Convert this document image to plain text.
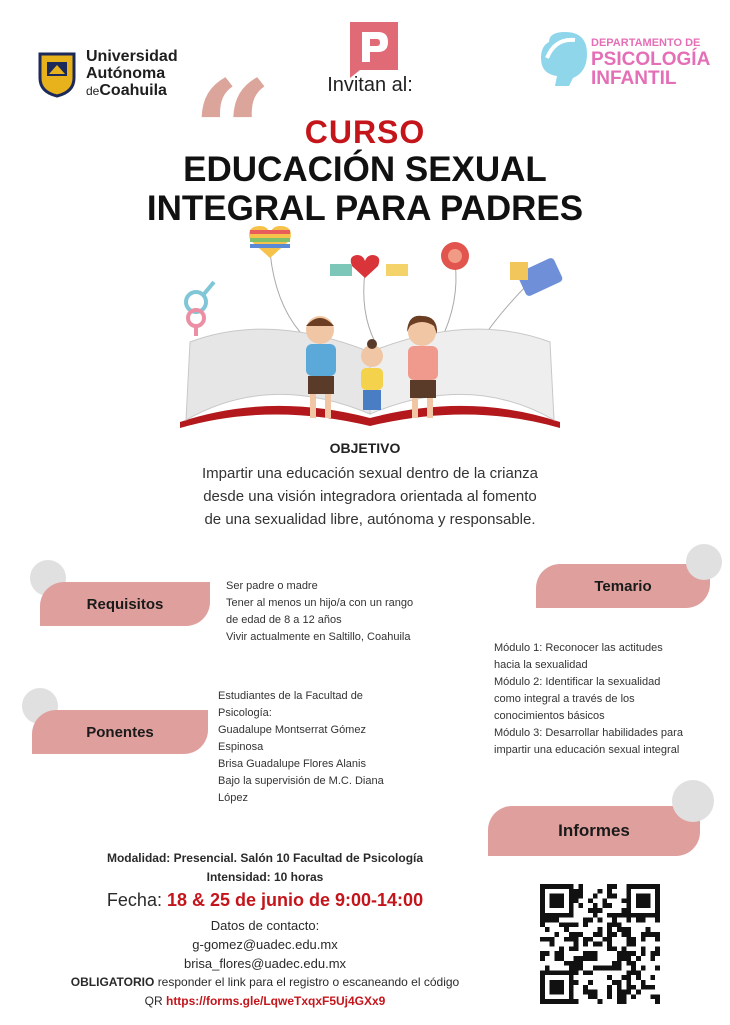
Universidad
Autónoma
deCoahuila	Invitan al:
DEPARTAMENTO DE
PSICOLOGÍA
INFANTIL
“	CURSO
EDUCACIÓN SEXUAL
INTEGRAL PARA PADRES
OBJETIVO
Impartir una educación sexual dentro de la crianza desde una visión integradora orientada al fomento de una sexualidad libre, autónoma y responsable.
Requisitos
Ser padre o madre
Tener al menos un hijo/a con un rango
de edad de 8 a 12 años
Vivir actualmente en Saltillo, Coahuila
Temario
Módulo 1: Reconocer las actitudes
hacia la sexualidad
Módulo 2: Identificar la sexualidad
como integral a través de los
conocimientos básicos
Módulo 3: Desarrollar habilidades para
impartir una educación sexual integral
Ponentes
Estudiantes de la Facultad de
Psicología:
Guadalupe Montserrat Gómez
Espinosa
Brisa Guadalupe Flores Alanis
Bajo la supervisión de M.C. Diana
López
Informes
Modalidad: Presencial. Salón 10 Facultad de Psicología
Intensidad: 10 horas
Fecha: 18 & 25 de junio de 9:00-14:00
Datos de contacto:
g-gomez@uadec.edu.mx
brisa_flores@uadec.edu.mx
OBLIGATORIO responder el link para el registro o escaneando el código
QR https://forms.gle/LqweTxqxF5Uj4GXx9
